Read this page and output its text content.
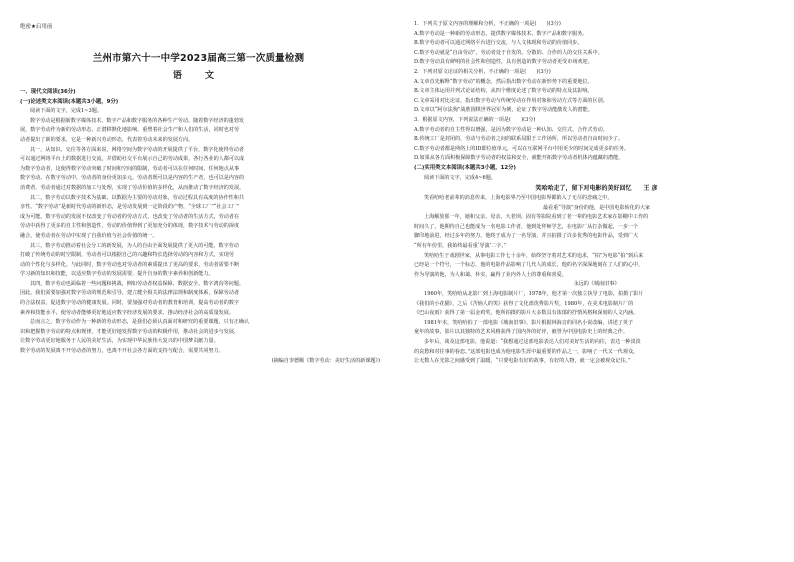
绝密★启用前
兰州市第六十一中学2023届高三第一次质量检测
语 文
一、现代文阅读(36分)
(一)论述类文本阅读(本题共3小题，9分)
阅读下面的文字，完成1~3题。
数字劳动是根据新数字媒体技术、数字产品和数字服务的各种生产劳动。随着数字经济的蓬勃发
展，数字劳动作为新的劳动形态，正潜移默化地影响、重塑着社会生产和人们的生活，同时也对劳
动者提出了新的要求，它是一种新兴劳动形态，代表着劳动未来的发展方向。
其一，从知识、交往等各方面来说，网络空间为数字劳动的开展提供了平台，数字化使得劳动者
可以通过网络平台上的数据进行交流，并借助社交平台展示自己的劳动成果，各行各业的人都可以成
为数字劳动者，这使得数字劳动突破了时间和空间的限制，劳动者可以在任何时间、任何地点从事
数字劳动。在数字劳动中，劳动者的身份更加多元，劳动者既可以是内容的生产者，也可以是内容的
消费者，劳动者通过对数据的加工与处理，实现了劳动价值的多样化，从而推动了数字经济的发展。
其二，数字劳动以数字技术为基础，以数据为主要的劳动对象，劳动过程具有高度的协作性和共
享性。“数字劳动”是新时代劳动的新形态，是劳动发展到一定阶段的产物，“全球工厂”“社会工厂”
成为可能。数字劳动的发展不仅改变了劳动者的劳动方式，也改变了劳动者的生活方式，劳动者在
劳动中获得了更多的自主性和创造性，劳动的价值得到了更加充分的体现，数字技术与劳动的深度
融合，使劳动者在劳动中实现了自我价值与社会价值的统一。
其三，数字劳动推动着社会分工的新发展，为人的自由全面发展提供了更大的可能。数字劳动
打破了传统劳动的时空限制，劳动者可以根据自己的兴趣和特长选择劳动的内容和方式，实现劳
动的个性化与多样化。与此同时，数字劳动也对劳动者的素质提出了更高的要求，劳动者需要不断
学习新的知识和技能，以适应数字劳动的发展需要，提升自身的数字素养和创新能力。
其四，数字劳动也面临着一些问题和挑战，例如劳动者权益保障、数据安全、数字鸿沟等问题。
因此，我们需要加强对数字劳动的规范和引导，建立健全相关的法律法规和制度体系，保障劳动者
的合法权益，促进数字劳动的健康发展。同时，要加强对劳动者的教育和培训，提高劳动者的数字
素养和技能水平，使劳动者能够更好地适应数字经济发展的要求，推动经济社会的高质量发展。
总而言之，数字劳动作为一种新的劳动形态，是我们必须认真面对和研究的重要课题，只有正确认
识和把握数字劳动的特点和规律，才能更好地发挥数字劳动的积极作用，推动社会的进步与发展，
让数字劳动更好地服务于人民的美好生活，为实现中华民族伟大复兴的中国梦贡献力量。
数字劳动的发展离不开劳动者的努力，也离不开社会各方面的支持与配合，需要共同努力。
(摘编自李德顺《数字劳动：美好生活的新课题》)
1．下列关于原文内容的理解和分析，不正确的一项是(　　)(3分)
A.数字劳动是一种新的劳动形态，提供数字媒体技术、数字产品和数字服务。
B.数字劳动者可以通过网络平台进行交流，与人文体现和劳动的价值同步。
C.数字劳动就是“自由劳动”，劳动者处于自发的、分散的、合作的人的交往关系中。
D.数字劳动具有鲜明的社会性和创造性，具有创造的数字劳动者更受市场欢迎。
2．下列对原文论证的相关分析，不正确的一项是(　　)(3分)
A.文章首先解释“数字劳动”的概念，然后指出数字劳动在新形势下的重要地位。
B.文章主体运用并列式论证结构，从四个维度论述了数字劳动的特点及其影响。
C.文章采用对比论证，指出数字劳动与传统劳动在作用对象和劳动方式等方面的区别。
D.文章以“阿尔法狗”战胜围棋世界冠军为例，论证了数字劳动能激发人的潜能。
3．根据原文内容，下列说法正确的一项是(　　)(3分)
A.数字劳动者的自主性得以增强，是因为数字劳动是一种认知、交往式、合作式劳动。
B.传统工厂是封闭的，劳动与劳动者之间的联系局限于工作场所，所以劳动者自由时间少了。
C.数字劳动者都是网络上的ID即位值单元，可以在互联网平台中用更少的时间完成更多的任务。
D.如果从各方面积极保障数字劳动者的权益和安全，就能开拓数字劳动者机体内蕴藏的潜能。
(二)实用类文本阅读(本题共3小题，12分)
阅读下面的文字，完成4~6题。
笑哈哈走了，留下对电影的美好回忆　　王 彦
笑看哈哈老前辈的消息传来，上海电影界乃至中国电影界都陷入了无尽的悲痛之中。
最看重“导演”身份的他，是中国电影转化的大家
上海解放那一年，她和父亲、母亲、大老坝、固有等影院看到了老一辈的电影艺术家在影棚中工作的
时间久了，他期待自己也能成为一名电影工作者，他到处拜师学艺，在电影厂从打杂做起，一步一个
脚印地前进，经过多年的努力，他终于成为了一名导演，并且拍摄了许多优秀的电影作品，受到广大
“所有年份里，我始终最看重‘导演’二字。”
笑哈哈生于戏剧世家，从事电影工作七十余年，始终坚守着对艺术的追求，“拍”为电影“拍”到后来
已经是一个符号，一个标志，他的电影作品影响了几代人的成长，他的名字深深地刻在了人们的心中，
作为导演的他，为人和蔼、朴实，赢得了业内外人士的尊重和喜爱。
永远的《城南旧事》
1960年，笑哈哈从北影厂到上海电影制片厂，1978年，他才第一次独立执导了电影，拍摄了影片
《我们的小花猫》，之后《苦恼人的笑》获得了文化部优秀影片奖，1980年，在美术电影制片厂的
《巴山夜雨》获得了第一届金鸡奖，他所拍摄的影片大多数具有浓郁的抒情风格和深刻的人文内涵。
1981年末，笑哈哈拍了一部电影《城南旧事》，影片根据林海音的同名小说改编，讲述了英子
童年的故事，影片以其独特的艺术风格获得了国内外的好评，被誉为中国电影史上的经典之作。
多年后，谈及这部电影，他说道：“我想通过这部电影表达人们对美好生活的向往，表达一种淡淡
的哀愁和对往事的眷恋。”这部电影也成为他电影生涯中最重要的作品之一，影响了一代又一代观众，
让无数人在光影之间感受到了温暖，“只要电影有好的故事，有好的人物，就一定会被观众记住。”
